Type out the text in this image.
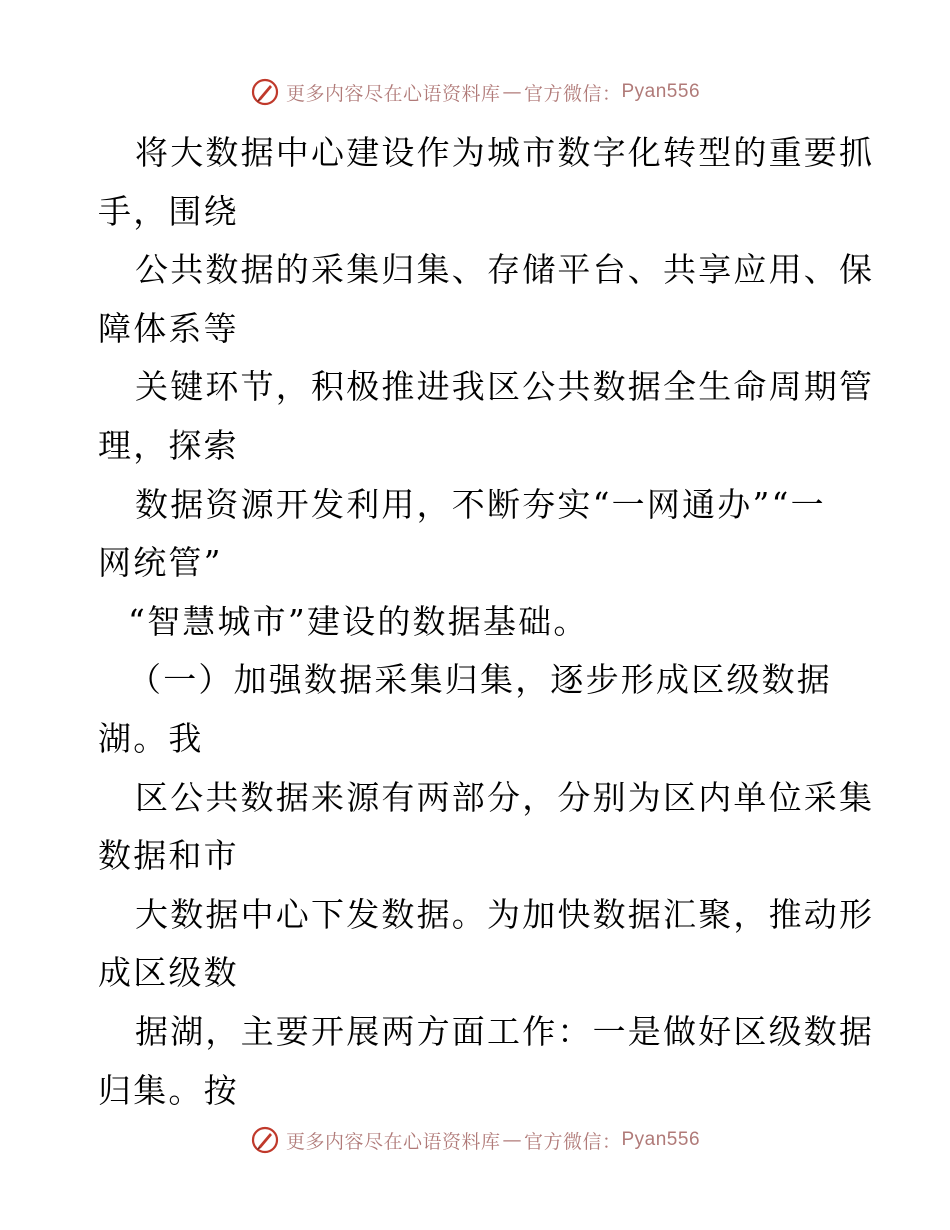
更多内容尽在心语资料库 — 官方微信： Pyan556
将大数据中心建设作为城市数字化转型的重要抓
手，围绕
公共数据的采集归集、存储平台、共享应用、保
障体系等
关键环节，积极推进我区公共数据全生命周期管
理，探索
数据资源开发利用，不断夯实“一网通办”“一
网统管”
“智慧城市”建设的数据基础。
（一）加强数据采集归集，逐步形成区级数据
湖。我
区公共数据来源有两部分，分别为区内单位采集
数据和市
大数据中心下发数据。为加快数据汇聚，推动形
成区级数
据湖，主要开展两方面工作：一是做好区级数据
归集。按
更多内容尽在心语资料库 — 官方微信： Pyan556
